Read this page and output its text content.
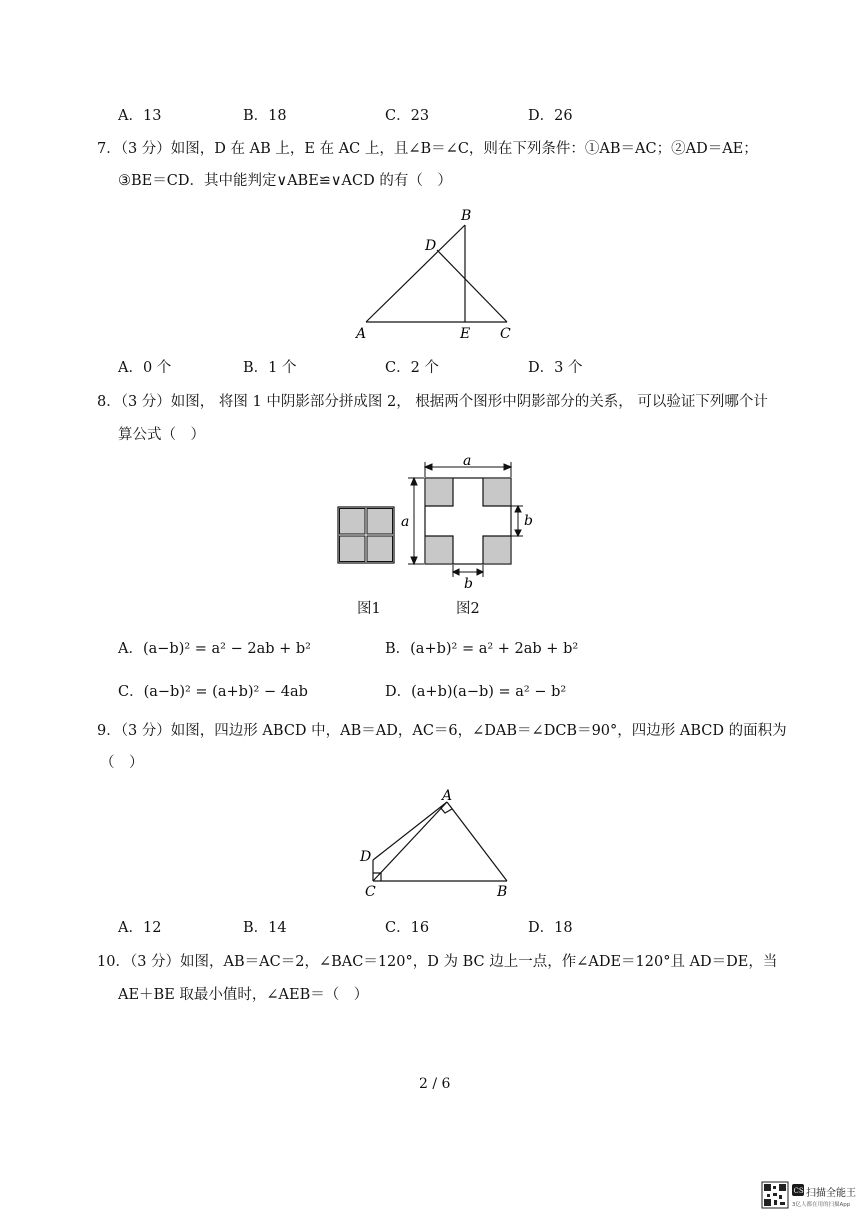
A．13	B．18	C．23	D．26
7．（3 分）如图，D 在 AB 上，E 在 AC 上，且∠B＝∠C，则在下列条件：①AB＝AC；②AD＝AE；
③BE＝CD．其中能判定∨ABE≌∨ACD 的有（　）
B
D
A	E C
A．0 个	B．1 个	C．2 个	D．3 个
8．（3 分）如图， 将图 1 中阴影部分拼成图 2， 根据两个图形中阴影部分的关系， 可以验证下列哪个计
算公式（　）
a
a	b
b
图1	图2
A．(a−b)² = a² − 2ab + b²	B．(a+b)² = a² + 2ab + b²
C．(a−b)² = (a+b)² − 4ab	D．(a+b)(a−b) = a² − b²
9．（3 分）如图，四边形 ABCD 中，AB＝AD，AC＝6，∠DAB＝∠DCB＝90°，四边形 ABCD 的面积为
（　）
A
D
C	B
A．12	B．14	C．16	D．18
10．（3 分）如图，AB＝AC＝2，∠BAC＝120°，D 为 BC 边上一点，作∠ADE＝120°且 AD＝DE，当
AE＋BE 取最小值时，∠AEB＝（　）
2 / 6
CS 扫描全能王
3亿人都在用的扫描App
